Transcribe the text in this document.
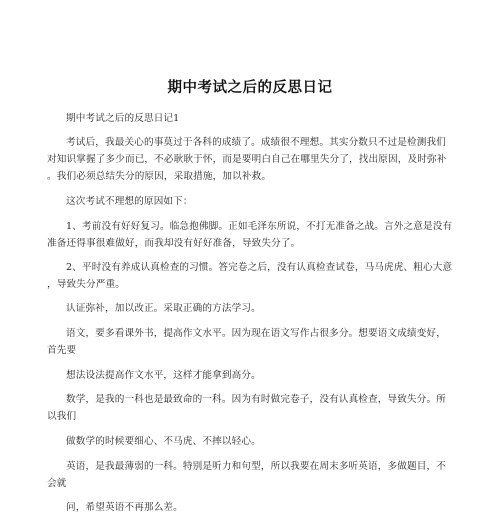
期中考试之后的反思日记
期中考试之后的反思日记1
考试后，我最关心的事莫过于各科的成绩了。成绩很不理想。其实分数只不过是检测我们
对知识掌握了多少而已，不必耿耿于怀，而是要明白自己在哪里失分了，找出原因，及时弥补
。我们必须总结失分的原因，采取措施，加以补救。
这次考试不理想的原因如下：
1、考前没有好好复习。临急抱佛脚。正如毛泽东所说，不打无准备之战。言外之意是没有
准备还得事很难做好，而我却没有好好准备，导致失分了。
2、平时没有养成认真检查的习惯。答完卷之后，没有认真检查试卷，马马虎虎、粗心大意
，导致失分严重。
认证弥补，加以改正。采取正确的方法学习。
语文，要多看课外书，提高作文水平。因为现在语文写作占很多分。想要语文成绩变好，
首先要
想法设法提高作文水平，这样才能拿到高分。
数学，是我的一科也是最致命的一科。因为有时做完卷子，没有认真检查，导致失分。所
以我们
做数学的时候要细心、不马虎、不摔以轻心。
英语，是我最薄弱的一科。特别是听力和句型，所以我要在周末多听英语，多做题目，不
会就
问，希望英语不再那么差。
